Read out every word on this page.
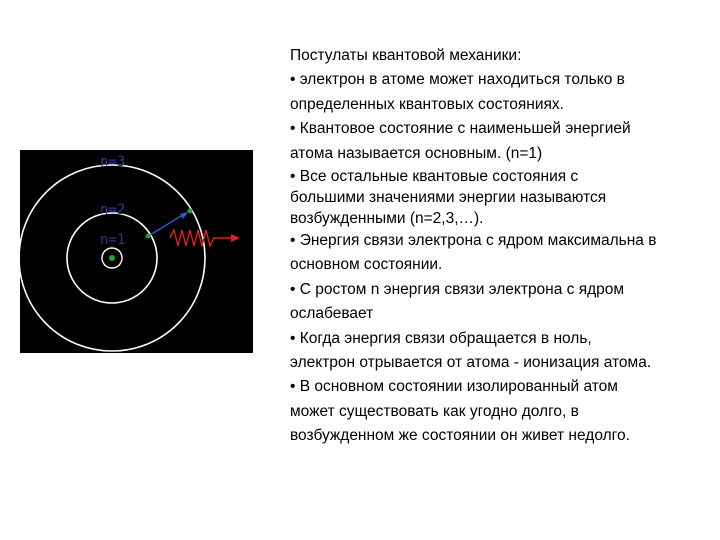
n=3
n=2
n=1

Постулаты квантовой механики:

• электрон в атоме может находиться только в

определенных квантовых состояниях.

• Квантовое состояние с наименьшей энергией

атома называется основным. (n=1)

• Все остальные квантовые состояния с

большими значениями энергии называются

возбужденными (n=2,3,…).

• Энергия связи электрона с ядром максимальна в

основном состоянии.

• С ростом n энергия связи электрона с ядром

ослабевает

• Когда энергия связи обращается в ноль,

электрон отрывается от атома - ионизация атома.

• В основном состоянии изолированный атом

может существовать как угодно долго, в

возбужденном же состоянии он живет недолго.
